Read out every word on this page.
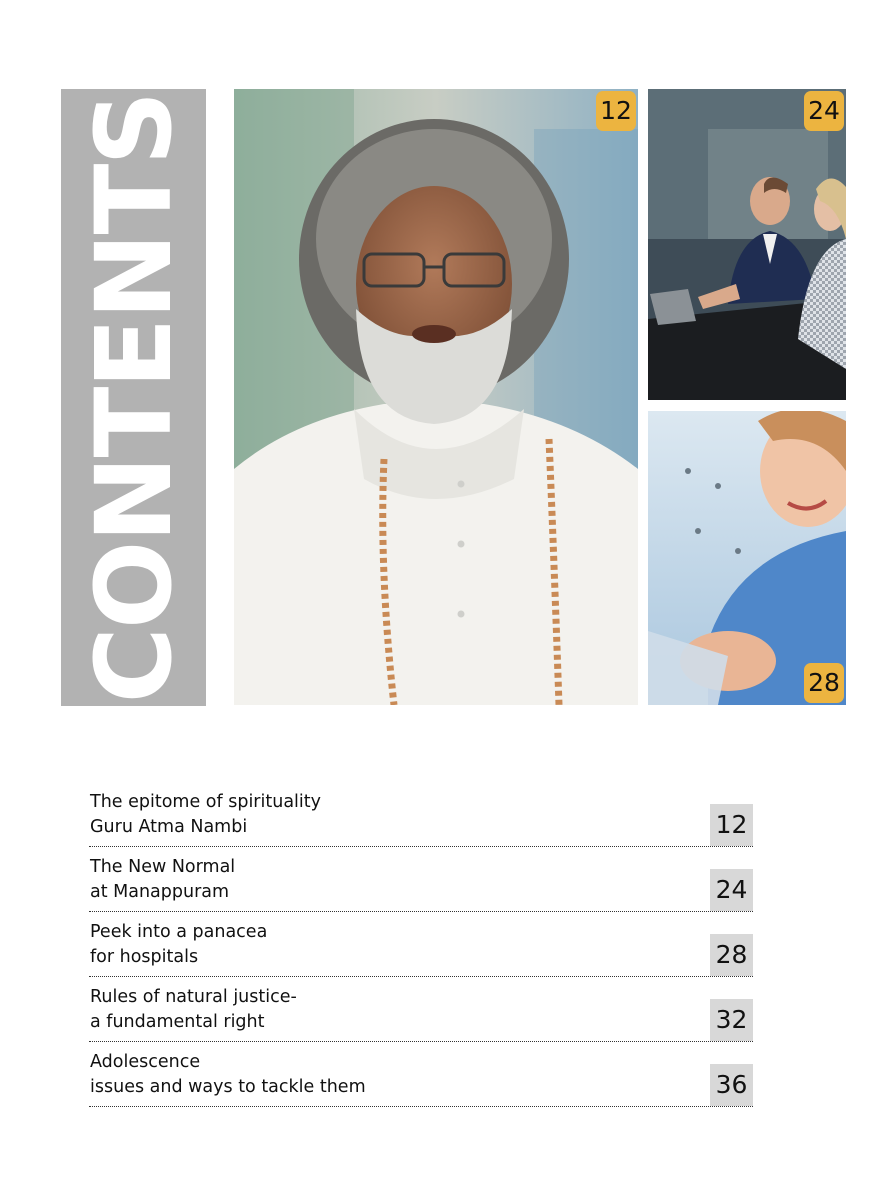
CONTENTS	12	24
28
The epitome of spirituality
Guru Atma Nambi	12
The New Normal
at Manappuram	24
Peek into a panacea
for hospitals	28
Rules of natural justice-
a fundamental right	32
Adolescence
issues and ways to tackle them	36
